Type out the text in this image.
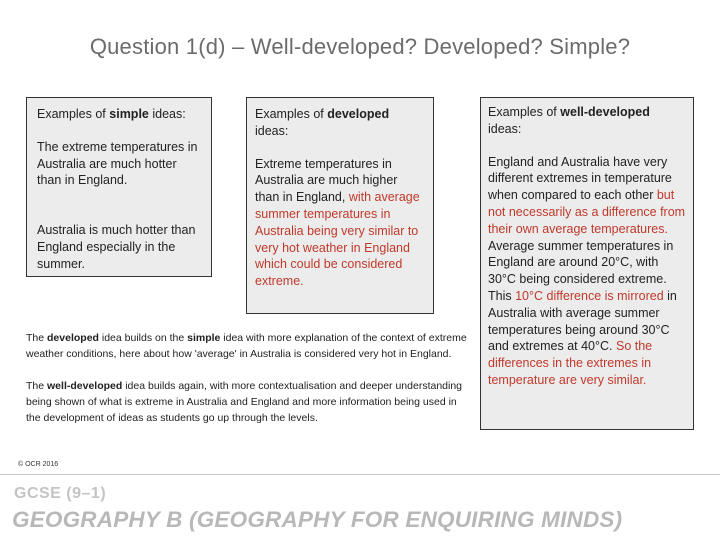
Question 1(d) – Well-developed? Developed? Simple?

Examples of simple ideas:

The extreme temperatures in Australia are much hotter than in England.

Australia is much hotter than England especially in the summer.

Examples of developed ideas:

Extreme temperatures in Australia are much higher than in England, with average summer temperatures in Australia being very similar to very hot weather in England which could be considered extreme.

Examples of well-developed ideas:

England and Australia have very different extremes in temperature when compared to each other but not necessarily as a difference from their own average temperatures. Average summer temperatures in England are around 20°C, with 30°C being considered extreme. This 10°C difference is mirrored in Australia with average summer temperatures being around 30°C and extremes at 40°C. So the differences in the extremes in temperature are very similar.

The developed idea builds on the simple idea with more explanation of the context of extreme weather conditions, here about how 'average' in Australia is considered very hot in England.

The well-developed idea builds again, with more contextualisation and deeper understanding being shown of what is extreme in Australia and England and more information being used in the development of ideas as students go up through the levels.

© OCR 2016
GCSE (9–1)
GEOGRAPHY B (GEOGRAPHY FOR ENQUIRING MINDS)
